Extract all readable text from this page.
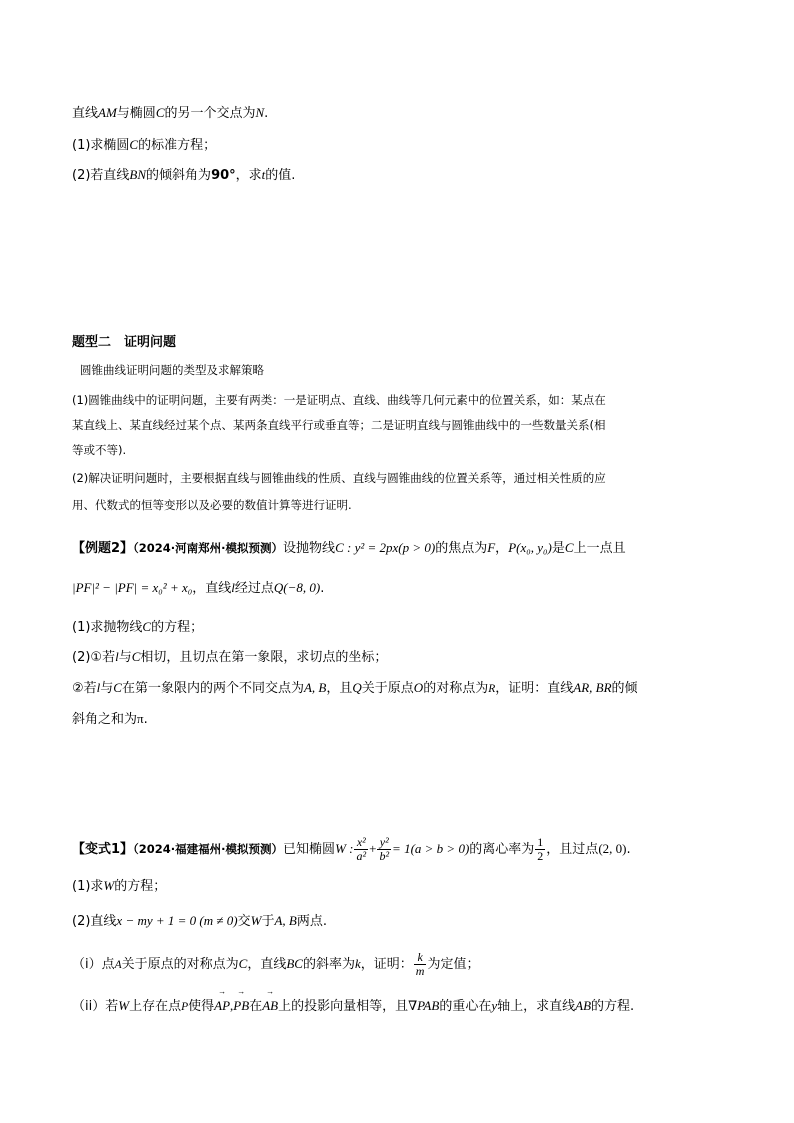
直线AM与椭圆C的另一个交点为N.
(1)求椭圆C的标准方程；
(2)若直线BN的倾斜角为90°，求t的值.
题型二　证明问题
圆锥曲线证明问题的类型及求解策略
(1)圆锥曲线中的证明问题，主要有两类：一是证明点、直线、曲线等几何元素中的位置关系，如：某点在
某直线上、某直线经过某个点、某两条直线平行或垂直等；二是证明直线与圆锥曲线中的一些数量关系(相
等或不等).
(2)解决证明问题时，主要根据直线与圆锥曲线的性质、直线与圆锥曲线的位置关系等，通过相关性质的应
用、代数式的恒等变形以及必要的数值计算等进行证明.
【例题2】（2024·河南郑州·模拟预测）设抛物线C : y² = 2px(p > 0)的焦点为F，P(x₀, y₀)是C上一点且
|PF|² − |PF| = x₀² + x₀，直线l经过点Q(−8, 0).
(1)求抛物线C的方程；
(2)①若l与C相切，且切点在第一象限，求切点的坐标；
②若l与C在第一象限内的两个不同交点为A, B，且Q关于原点O的对称点为R，证明：直线AR, BR的倾
斜角之和为π.
【变式1】（2024·福建福州·模拟预测）已知椭圆W : $\frac{\text{x²}}{\text{a²}} + \frac{\text{y²}}{\text{b²}} = 1(a > b > 0)$的离心率为 $\frac{1}{2}$ ，且过点(2, 0).
(1)求W的方程；
(2)直线x − my + 1 = 0 (m ≠ 0)交W于A, B两点.
（i）点A关于原点的对称点为C，直线BC的斜率为k，证明： $\frac{k}{m}$ 为定值；
（ii）若W上存在点P使得→ AP,→ PB在→ AB上的投影向量相等，且∇PAB的重心在y轴上，求直线AB的方程.
